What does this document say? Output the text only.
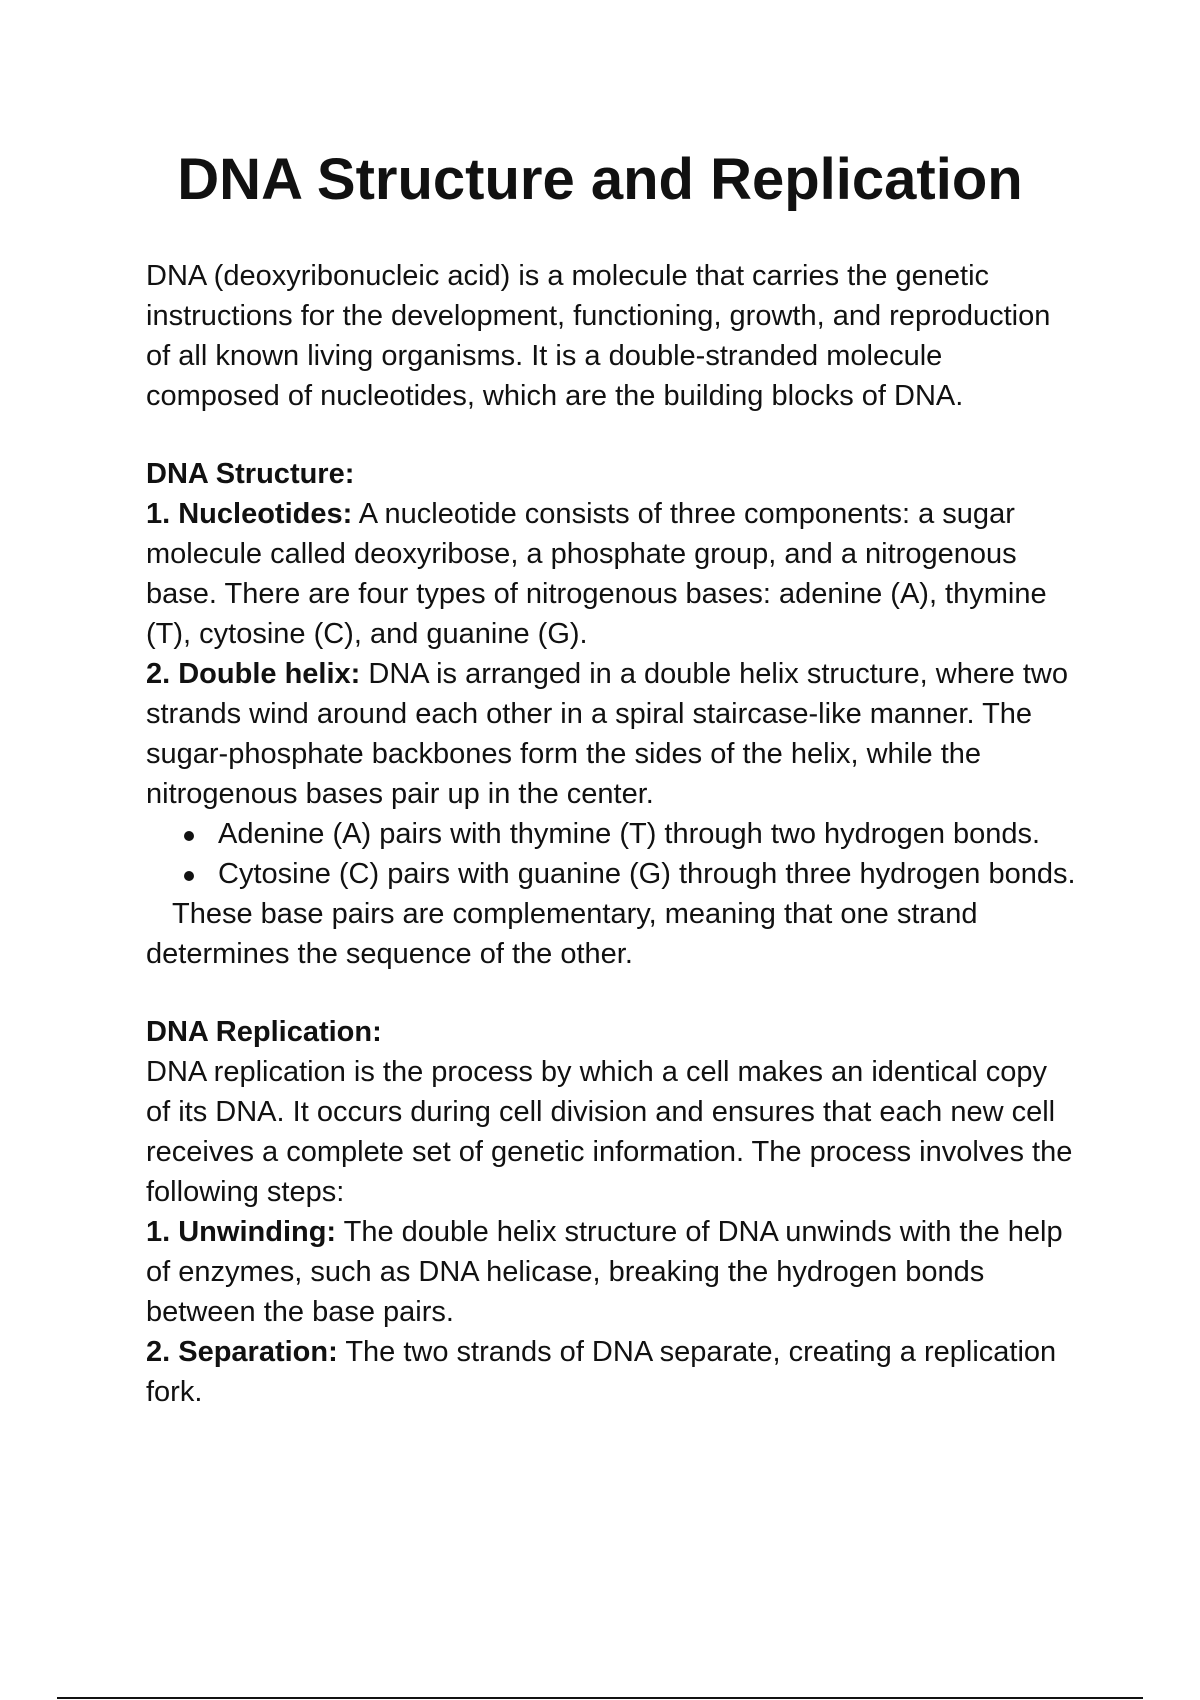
DNA Structure and Replication

DNA (deoxyribonucleic acid) is a molecule that carries the genetic instructions for the development, functioning, growth, and reproduction of all known living organisms. It is a double-stranded molecule composed of nucleotides, which are the building blocks of DNA.

DNA Structure:

1. Nucleotides: A nucleotide consists of three components: a sugar molecule called deoxyribose, a phosphate group, and a nitrogenous base. There are four types of nitrogenous bases: adenine (A), thymine (T), cytosine (C), and guanine (G).

2. Double helix: DNA is arranged in a double helix structure, where two strands wind around each other in a spiral staircase-like manner. The sugar-phosphate backbones form the sides of the helix, while the nitrogenous bases pair up in the center.

Adenine (A) pairs with thymine (T) through two hydrogen bonds.
Cytosine (C) pairs with guanine (G) through three hydrogen bonds.

These base pairs are complementary, meaning that one strand determines the sequence of the other.

DNA Replication:

DNA replication is the process by which a cell makes an identical copy of its DNA. It occurs during cell division and ensures that each new cell receives a complete set of genetic information. The process involves the following steps:

1. Unwinding: The double helix structure of DNA unwinds with the help of enzymes, such as DNA helicase, breaking the hydrogen bonds between the base pairs.

2. Separation: The two strands of DNA separate, creating a replication fork.
